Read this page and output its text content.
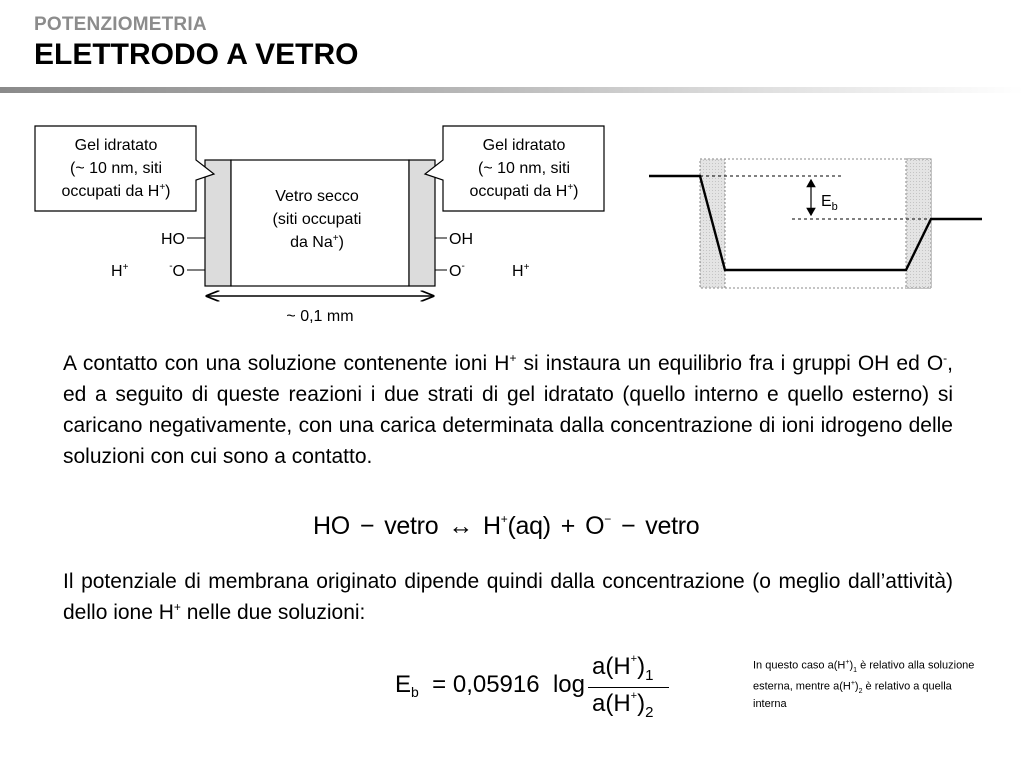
POTENZIOMETRIA
ELETTRODO A VETRO
Gel idratato
(~ 10 nm, siti
occupati da H+)
Gel idratato
(~ 10 nm, siti
occupati da H+)
Vetro secco
(siti occupati
da Na+)
HO
-O
H+
OH
O-	H+
~ 0,1 mm
$E_b$
A contatto con una soluzione contenente ioni H+ si instaura un equilibrio fra i gruppi OH ed O-, ed a seguito di queste reazioni i due strati di gel idratato (quello interno e quello esterno) si caricano negativamente, con una carica determinata dalla concentrazione di ioni idrogeno delle soluzioni con cui sono a contatto.
HO − vetro ↔ H+(aq) + O− − vetro
Il potenziale di membrana originato dipende quindi dalla concentrazione (o meglio dall’attività) dello ione H+ nelle due soluzioni:
$E_b = 0,05916$ log
$a(H^+)_1$
$a(H^+)_2$
In questo caso $a(H^+)_1$ è relativo alla soluzione esterna, mentre $a(H^+)_2$ è relativo a quella interna
